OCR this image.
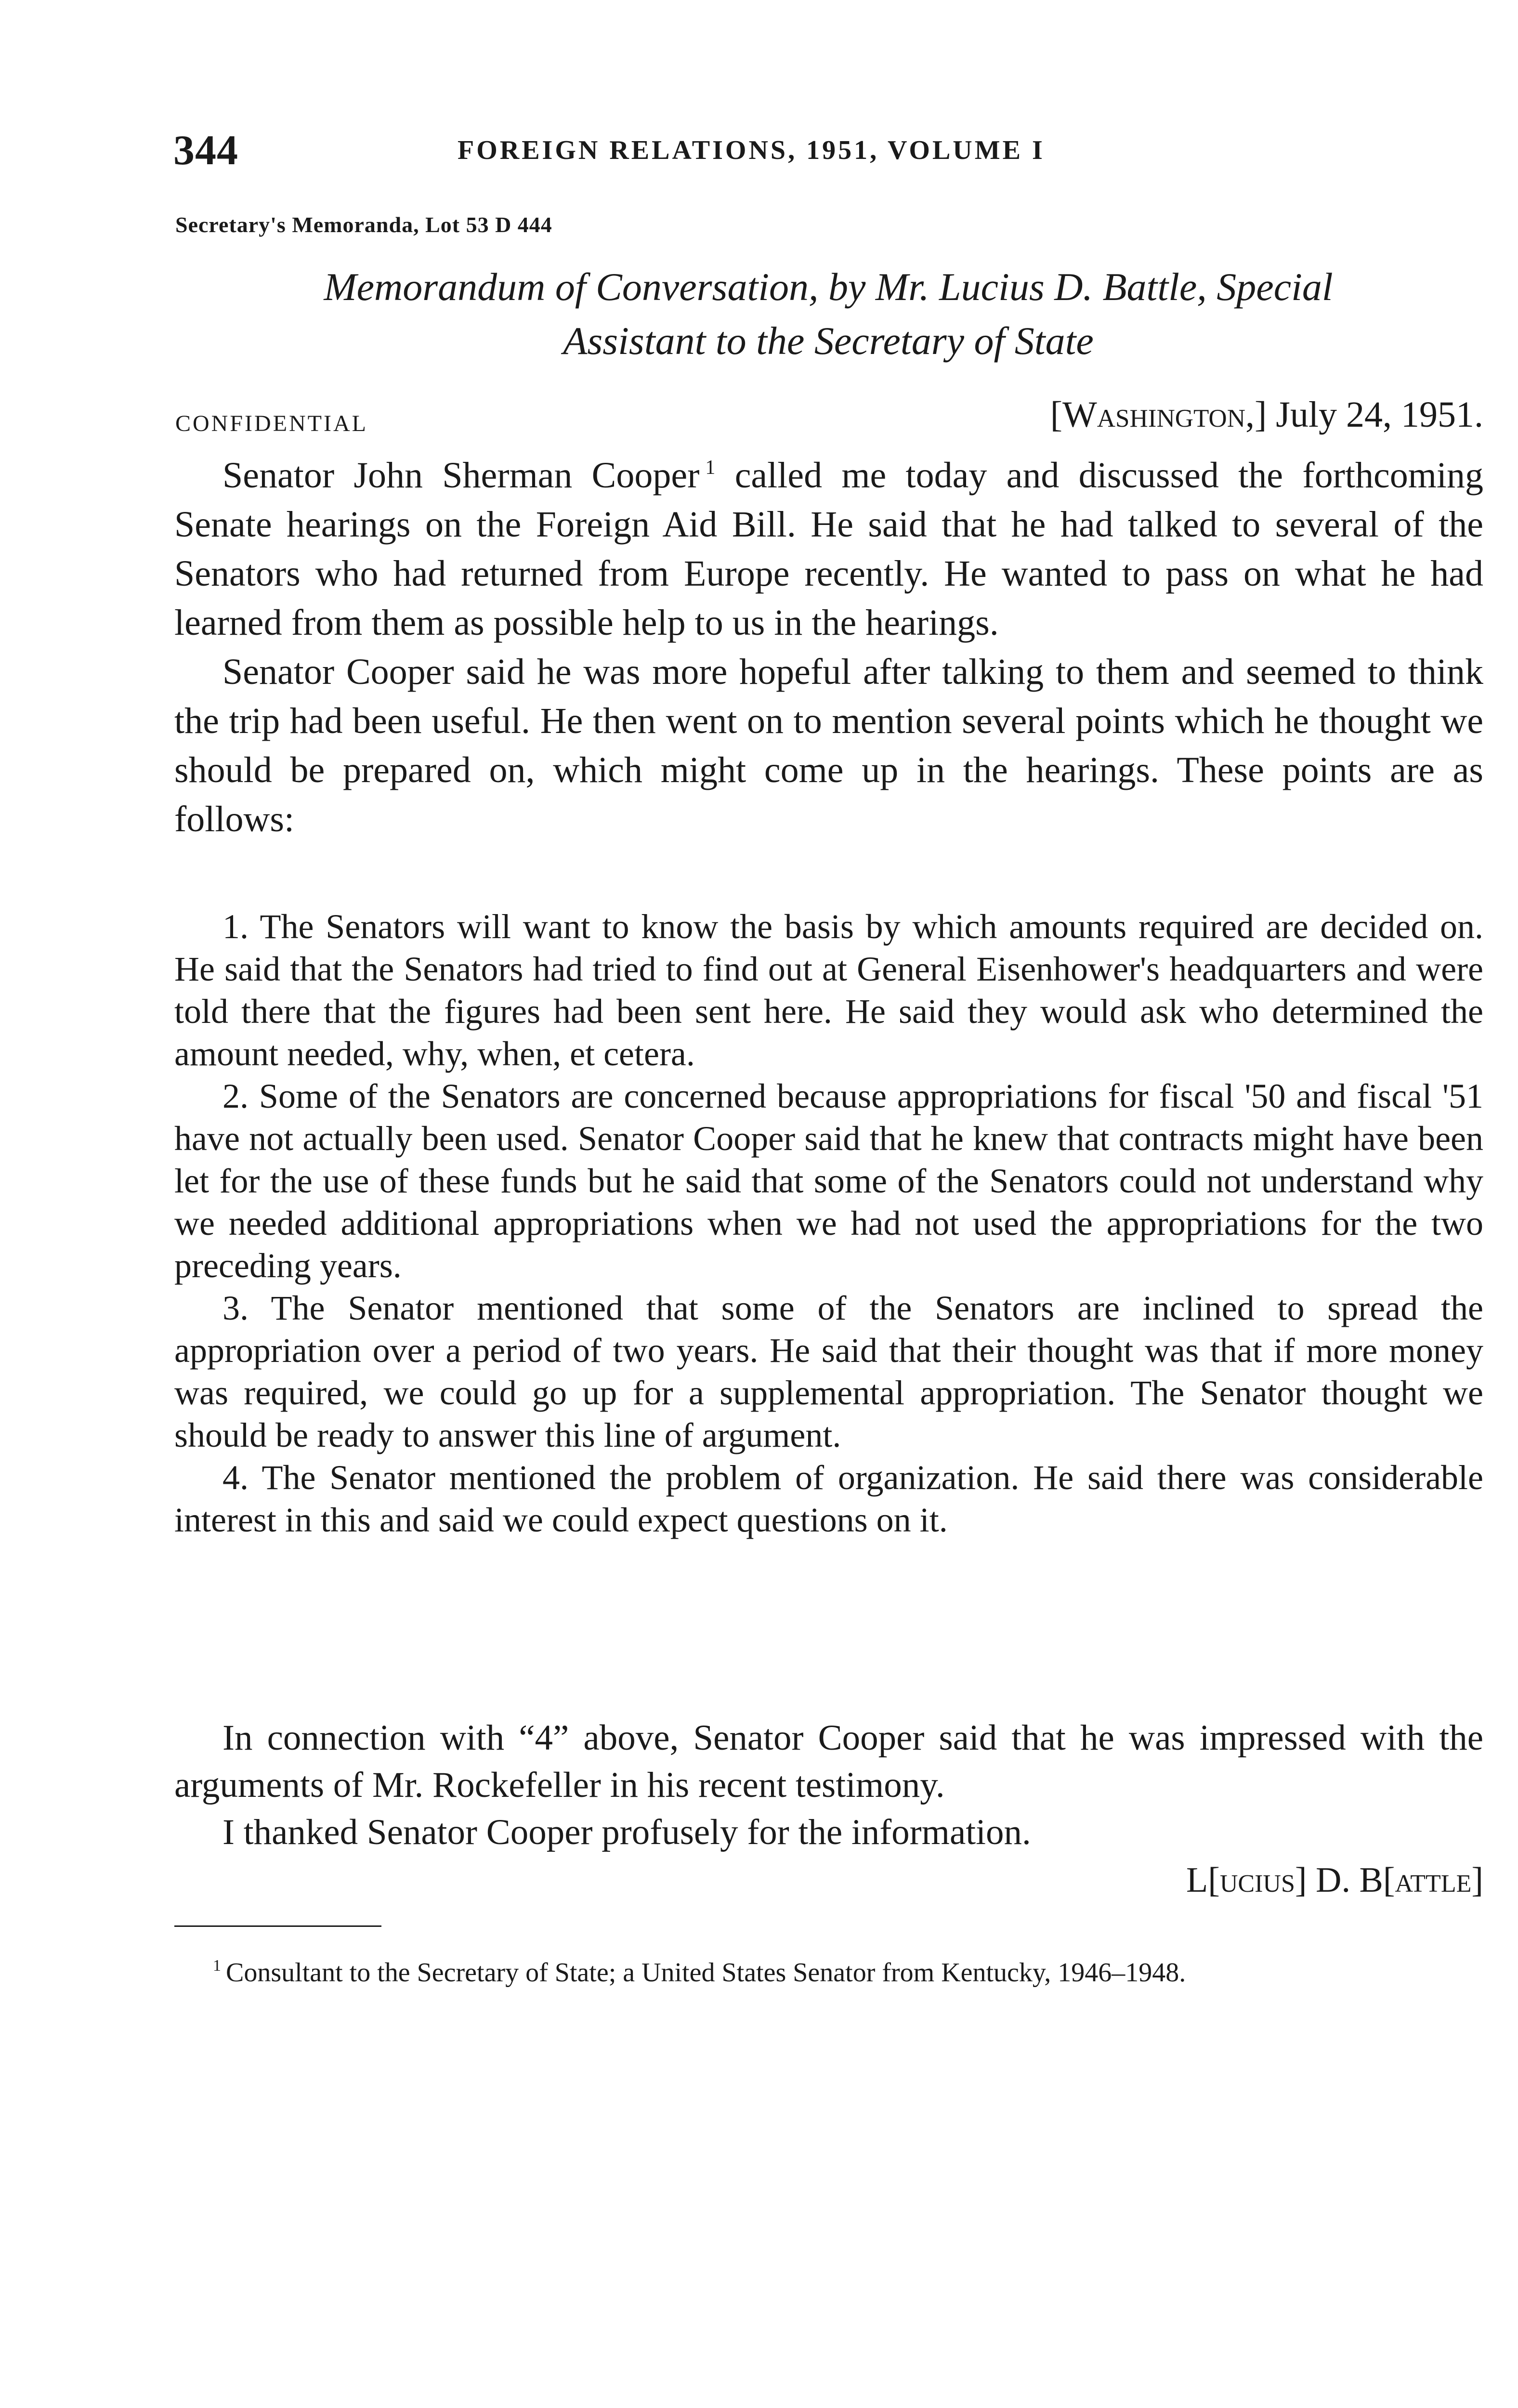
344	FOREIGN RELATIONS, 1951, VOLUME I
Secretary's Memoranda, Lot 53 D 444
Memorandum of Conversation, by Mr. Lucius D. Battle, Special
Assistant to the Secretary of State
CONFIDENTIAL	[Washington,] July 24, 1951.

Senator John Sherman Cooper $^1$ called me today and discussed the forthcoming Senate hearings on the Foreign Aid Bill. He said that he had talked to several of the Senators who had returned from Europe recently. He wanted to pass on what he had learned from them as possible help to us in the hearings.

Senator Cooper said he was more hopeful after talking to them and seemed to think the trip had been useful. He then went on to mention several points which he thought we should be prepared on, which might come up in the hearings. These points are as follows:

1. The Senators will want to know the basis by which amounts required are decided on. He said that the Senators had tried to find out at General Eisenhower's headquarters and were told there that the figures had been sent here. He said they would ask who determined the amount needed, why, when, et cetera.

2. Some of the Senators are concerned because appropriations for fiscal '50 and fiscal '51 have not actually been used. Senator Cooper said that he knew that contracts might have been let for the use of these funds but he said that some of the Senators could not understand why we needed additional appropriations when we had not used the appropriations for the two preceding years.

3. The Senator mentioned that some of the Senators are inclined to spread the appropriation over a period of two years. He said that their thought was that if more money was required, we could go up for a supplemental appropriation. The Senator thought we should be ready to answer this line of argument.

4. The Senator mentioned the problem of organization. He said there was considerable interest in this and said we could expect questions on it.

In connection with “4” above, Senator Cooper said that he was impressed with the arguments of Mr. Rockefeller in his recent testimony.

I thanked Senator Cooper profusely for the information.

L[ucius] D. B[attle]
$^1$ Consultant to the Secretary of State; a United States Senator from Kentucky, 1946–1948.
